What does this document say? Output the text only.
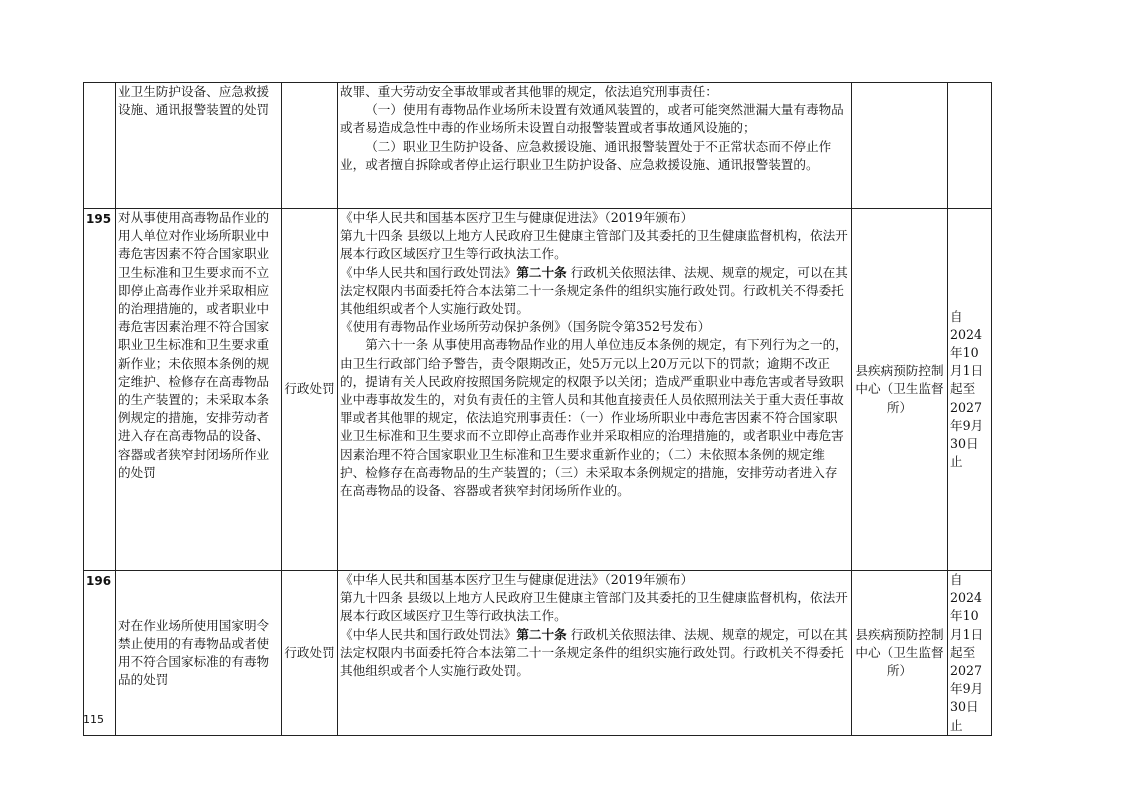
	业卫生防护设备、应急救援设施、通讯报警装置的处罚		故罪、重大劳动安全事故罪或者其他罪的规定，依法追究刑事责任：
（一）使用有毒物品作业场所未设置有效通风装置的，或者可能突然泄漏大量有毒物品或者易造成急性中毒的作业场所未设置自动报警装置或者事故通风设施的；
（二）职业卫生防护设备、应急救援设施、通讯报警装置处于不正常状态而不停止作业，或者擅自拆除或者停止运行职业卫生防护设备、应急救援设施、通讯报警装置的。		

195	对从事使用高毒物品作业的用人单位对作业场所职业中毒危害因素不符合国家职业卫生标准和卫生要求而不立即停止高毒作业并采取相应的治理措施的，或者职业中毒危害因素治理不符合国家职业卫生标准和卫生要求重新作业；未依照本条例的规定维护、检修存在高毒物品的生产装置的；未采取本条例规定的措施，安排劳动者进入存在高毒物品的设备、容器或者狭窄封闭场所作业的处罚	行政处罚	《中华人民共和国基本医疗卫生与健康促进法》（2019年颁布）
第九十四条 县级以上地方人民政府卫生健康主管部门及其委托的卫生健康监督机构，依法开展本行政区域医疗卫生等行政执法工作。
《中华人民共和国行政处罚法》第二十条 行政机关依照法律、法规、规章的规定，可以在其法定权限内书面委托符合本法第二十一条规定条件的组织实施行政处罚。行政机关不得委托其他组织或者个人实施行政处罚。
《使用有毒物品作业场所劳动保护条例》（国务院令第352号发布）
第六十一条 从事使用高毒物品作业的用人单位违反本条例的规定，有下列行为之一的，由卫生行政部门给予警告，责令限期改正，处5万元以上20万元以下的罚款；逾期不改正的，提请有关人民政府按照国务院规定的权限予以关闭；造成严重职业中毒危害或者导致职业中毒事故发生的，对负有责任的主管人员和其他直接责任人员依照刑法关于重大责任事故罪或者其他罪的规定，依法追究刑事责任：（一）作业场所职业中毒危害因素不符合国家职业卫生标准和卫生要求而不立即停止高毒作业并采取相应的治理措施的，或者职业中毒危害因素治理不符合国家职业卫生标准和卫生要求重新作业的；（二）未依照本条例的规定维护、检修存在高毒物品的生产装置的；（三）未采取本条例规定的措施，安排劳动者进入存在高毒物品的设备、容器或者狭窄封闭场所作业的。	县疾病预防控制中心（卫生监督所）	自2024年10月1日起至2027年9月30日止
196	对在作业场所使用国家明令禁止使用的有毒物品或者使用不符合国家标准的有毒物品的处罚	行政处罚	《中华人民共和国基本医疗卫生与健康促进法》（2019年颁布）
第九十四条 县级以上地方人民政府卫生健康主管部门及其委托的卫生健康监督机构，依法开展本行政区域医疗卫生等行政执法工作。
《中华人民共和国行政处罚法》第二十条 行政机关依照法律、法规、规章的规定，可以在其法定权限内书面委托符合本法第二十一条规定条件的组织实施行政处罚。行政机关不得委托其他组织或者个人实施行政处罚。	县疾病预防控制中心（卫生监督所）	自2024年10月1日起至2027年9月30日止
115
